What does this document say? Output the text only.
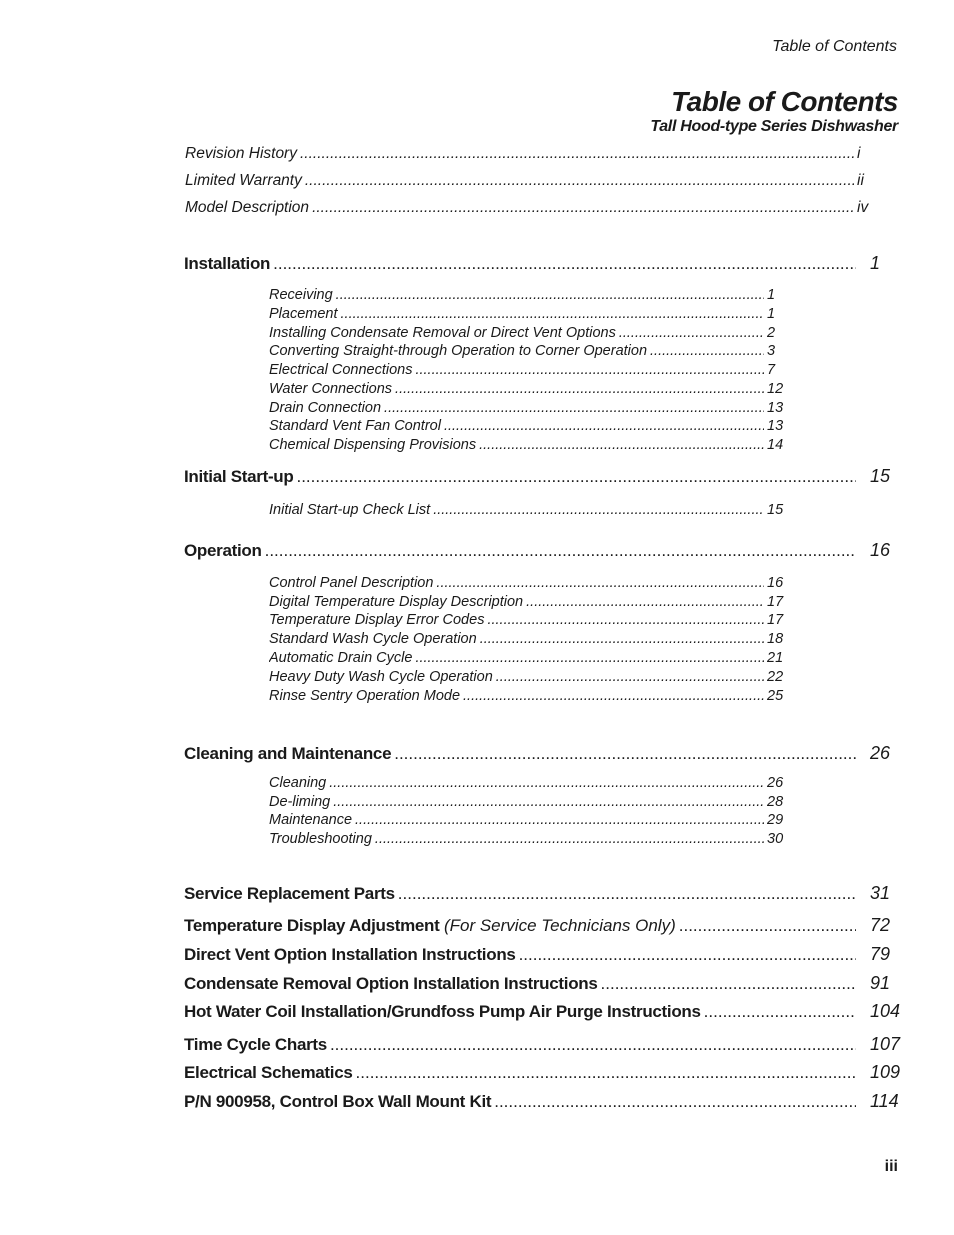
Table of Contents
Table of Contents
Tall Hood-type Series Dishwasher
Revision History .....	i
Limited Warranty .....	ii
Model Description .....	iv
Installation .....	1
Receiving .....	1
Placement .....	1
Installing Condensate Removal or Direct Vent Options .....	2
Converting Straight-through Operation to Corner Operation .....	3
Electrical Connections .....	7
Water Connections .....	12
Drain Connection .....	13
Standard Vent Fan Control .....	13
Chemical Dispensing Provisions .....	14
Initial Start-up .....	15
Initial Start-up Check List .....	15
Operation .....	16
Control Panel Description .....	16
Digital Temperature Display Description .....	17
Temperature Display Error Codes .....	17
Standard Wash Cycle Operation .....	18
Automatic Drain Cycle .....	21
Heavy Duty Wash Cycle Operation .....	22
Rinse Sentry Operation Mode .....	25
Cleaning and Maintenance .....	26
Cleaning .....	26
De-liming .....	28
Maintenance .....	29
Troubleshooting .....	30
Service Replacement Parts .....	31
Temperature Display Adjustment (For Service Technicians Only) .....	72
Direct Vent Option Installation Instructions .....	79
Condensate Removal Option Installation Instructions .....	91
Hot Water Coil Installation/Grundfoss Pump Air Purge Instructions .....	104
Time Cycle Charts .....	107
Electrical Schematics .....	109
P/N 900958, Control Box Wall Mount Kit .....	114
iii
